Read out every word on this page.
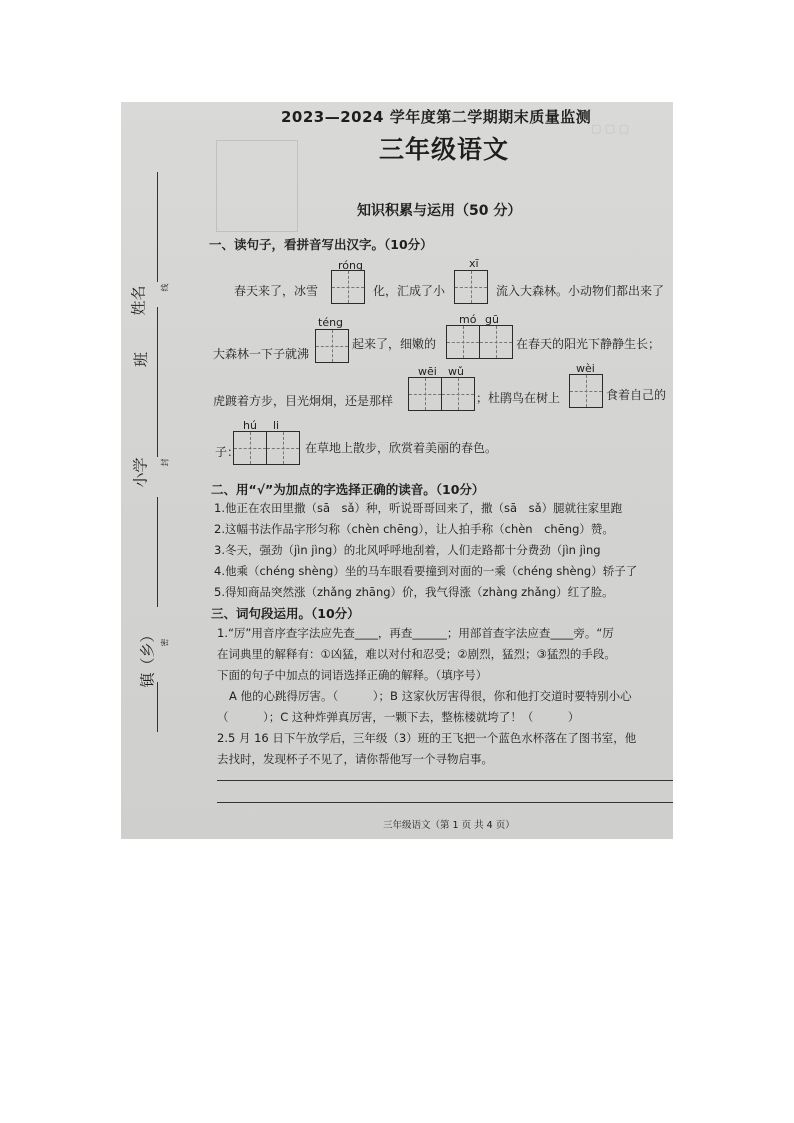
▢ ▢ ▢
2023—2024 学年度第二学期期末质量监测
三年级语文
知识积累与运用（50 分）
姓名
班
小学
镇（乡）
线
封
密
一、读句子，看拼音写出汉字。（10分）
róng	xī
春天来了，冰雪	化，汇成了小	流入大森林。小动物们都出来了
téng	mó gū
大森林一下子就沸
起来了，细嫩的	在春天的阳光下静静生长；
wēi wǔ	wèi
虎踱着方步，目光炯炯，还是那样	；杜鹃鸟在树上	食着自己的
hú li
子：	在草地上散步，欣赏着美丽的春色。
二、用“√”为加点的字选择正确的读音。（10分）
1.他正在农田里撒（sā　sǎ）种，听说哥哥回来了，撒（sā　sǎ）腿就往家里跑
2.这幅书法作品字形匀称（chèn chēng），让人拍手称（chèn　chēng）赞。
3.冬天，强劲（jìn jìng）的北风呼呼地刮着，人们走路都十分费劲（jìn jìng
4.他乘（chéng shèng）坐的马车眼看要撞到对面的一乘（chéng shèng）轿子了
5.得知商品突然涨（zhǎng zhāng）价，我气得涨（zhàng zhǎng）红了脸。
三、词句段运用。（10分）
1.“厉”用音序查字法应先查____，再查______；用部首查字法应查____旁。“厉
在词典里的解释有：①凶猛，难以对付和忍受；②剧烈，猛烈；③猛烈的手段。
下面的句子中加点的词语选择正确的解释。（填序号）
A 他的心跳得厉害。（　　　）；B 这家伙厉害得很，你和他打交道时要特别小心
（　　　）；C 这种炸弹真厉害，一颗下去，整栋楼就垮了！（　　　）
2.5 月 16 日下午放学后，三年级（3）班的王飞把一个蓝色水杯落在了图书室，他
去找时，发现杯子不见了，请你帮他写一个寻物启事。
三年级语文（第 1 页 共 4 页）
